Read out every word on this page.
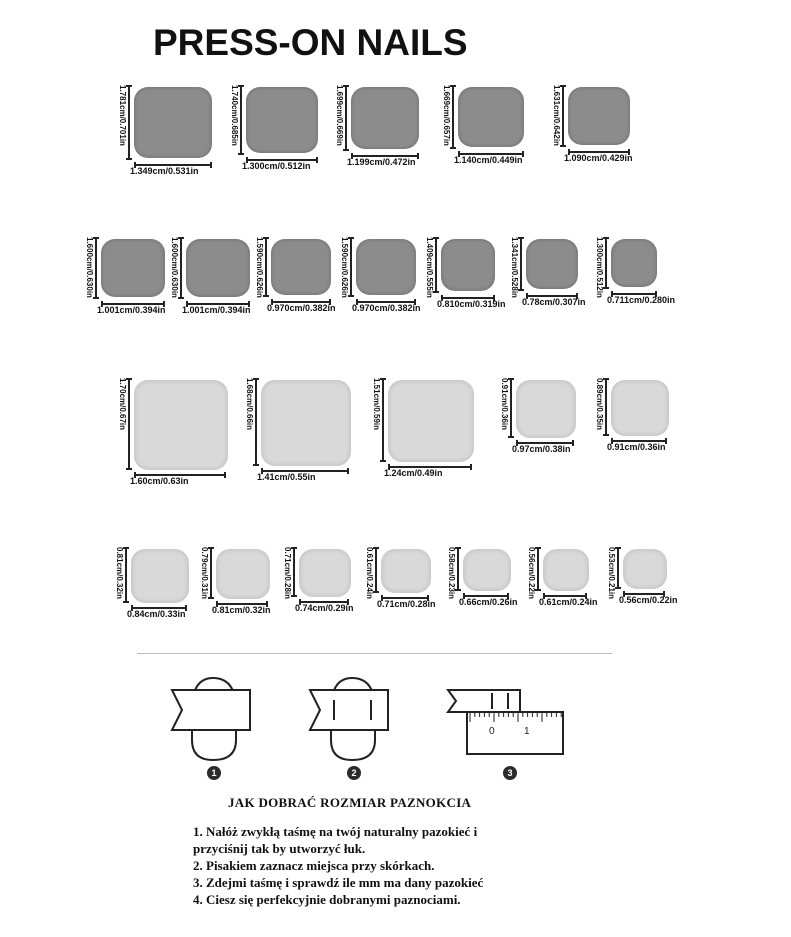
PRESS-ON NAILS
1.781cm/0.701in
1.349cm/0.531in
1.740cm/0.685in
1.300cm/0.512in
1.699cm/0.669in
1.199cm/0.472in
1.669cm/0.657in
1.140cm/0.449in
1.631cm/0.642in
1.090cm/0.429in
1.600cm/0.630in
1.001cm/0.394in
1.600cm/0.630in
1.001cm/0.394in
1.590cm/0.626in
0.970cm/0.382in
1.590cm/0.626in
0.970cm/0.382in
1.409cm/0.555in
0.810cm/0.319in
1.341cm/0.528in
0.78cm/0.307in
1.300cm/0.512in
0.711cm/0.280in
1.70cm/0.67in
1.60cm/0.63in
1.68cm/0.66in
1.41cm/0.55in
1.51cm/0.59in
1.24cm/0.49in
0.91cm/0.36in
0.97cm/0.38in
0.89cm/0.35in
0.91cm/0.36in
0.81cm/0.32in
0.84cm/0.33in
0.79cm/0.31in
0.81cm/0.32in
0.71cm/0.28in
0.74cm/0.29in
0.61cm/0.24in
0.71cm/0.28in
0.58cm/0.23in
0.66cm/0.26in
0.56cm/0.22in
0.61cm/0.24in
0.53cm/0.21in
0.56cm/0.22in
0	1
1	2	3
JAK DOBRAĆ ROZMIAR PAZNOKCIA
1. Nałóż zwykłą taśmę na twój naturalny pazokieć i
przyciśnij tak by utworzyć łuk.
2. Pisakiem zaznacz miejsca przy skórkach.
3. Zdejmi taśmę i sprawdź ile mm ma dany pazokieć
4. Ciesz się perfekcyjnie dobranymi paznociami.
